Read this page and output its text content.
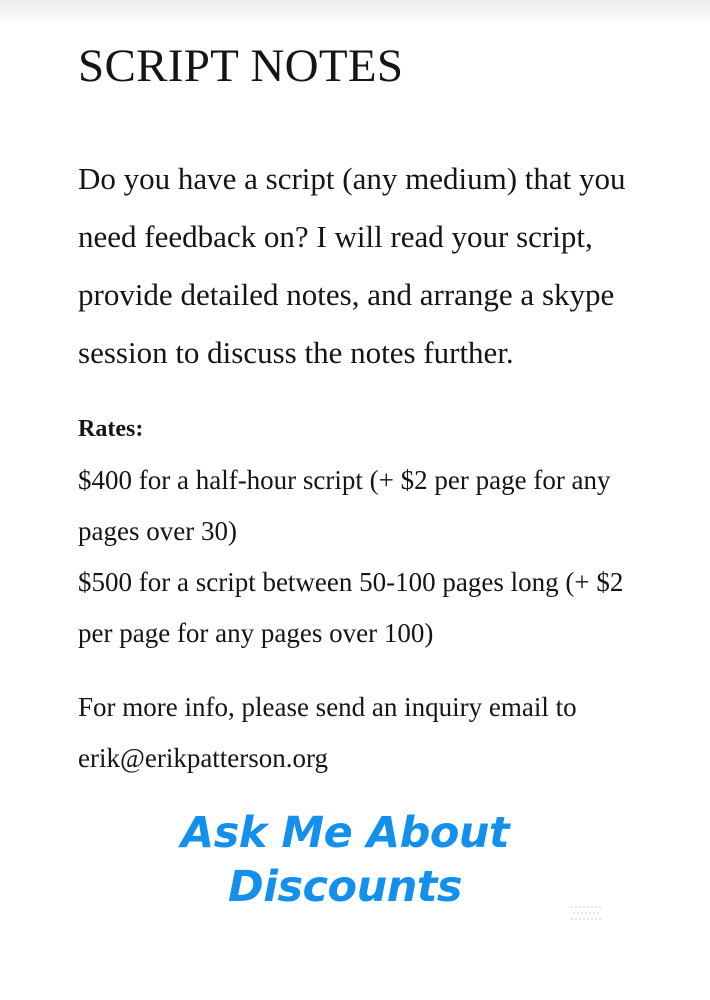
SCRIPT NOTES

Do you have a script (any medium) that you need feedback on? I will read your script, provide detailed notes, and arrange a skype session to discuss the notes further.

Rates:

$400 for a half-hour script (+ $2 per page for any pages over 30)

$500 for a script between 50-100 pages long (+ $2 per page for any pages over 100)

For more info, please send an inquiry email to erik@erikpatterson.org

Ask Me About Discounts
